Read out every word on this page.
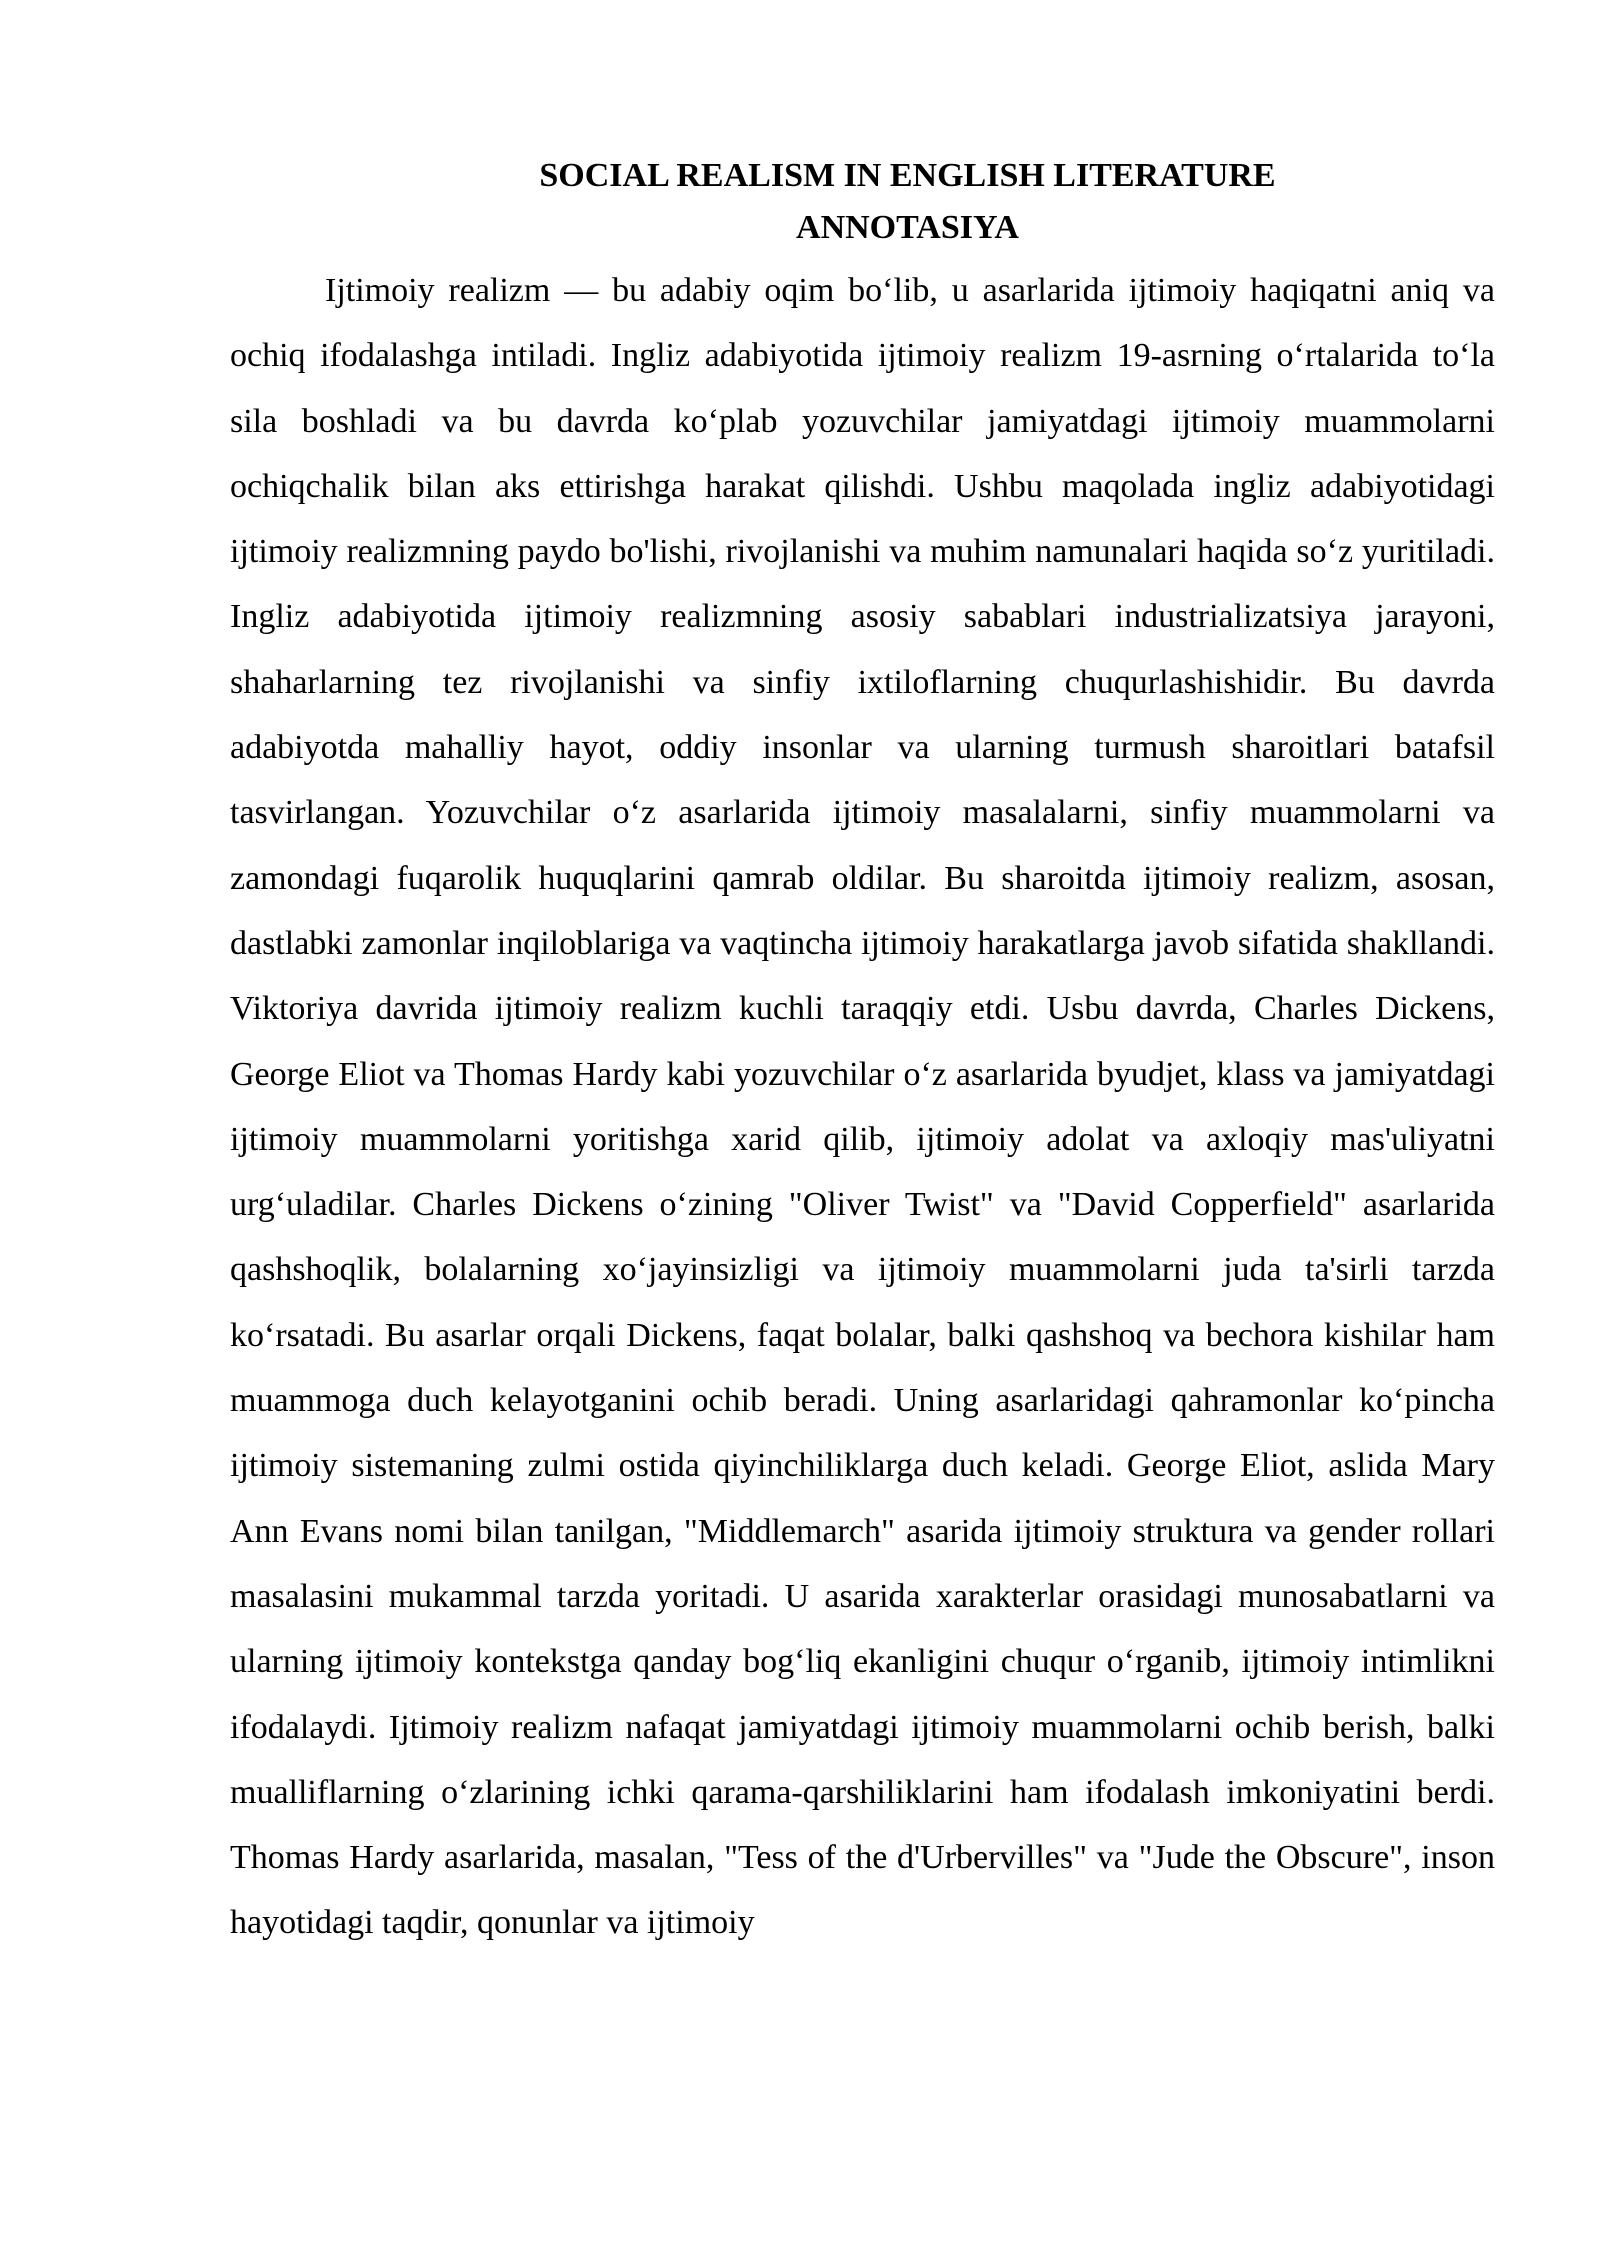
SOCIAL REALISM IN ENGLISH LITERATURE
ANNOTASIYA

Ijtimoiy realizm — bu adabiy oqim bo‘lib, u asarlarida ijtimoiy haqiqatni aniq va ochiq ifodalashga intiladi. Ingliz adabiyotida ijtimoiy realizm 19-asrning o‘rtalarida to‘la sila boshladi va bu davrda ko‘plab yozuvchilar jamiyatdagi ijtimoiy muammolarni ochiqchalik bilan aks ettirishga harakat qilishdi. Ushbu maqolada ingliz adabiyotidagi ijtimoiy realizmning paydo bo'lishi, rivojlanishi va muhim namunalari haqida so‘z yuritiladi. Ingliz adabiyotida ijtimoiy realizmning asosiy sabablari industrializatsiya jarayoni, shaharlarning tez rivojlanishi va sinfiy ixtiloflarning chuqurlashishidir. Bu davrda adabiyotda mahalliy hayot, oddiy insonlar va ularning turmush sharoitlari batafsil tasvirlangan. Yozuvchilar o‘z asarlarida ijtimoiy masalalarni, sinfiy muammolarni va zamondagi fuqarolik huquqlarini qamrab oldilar. Bu sharoitda ijtimoiy realizm, asosan, dastlabki zamonlar inqiloblariga va vaqtincha ijtimoiy harakatlarga javob sifatida shakllandi. Viktoriya davrida ijtimoiy realizm kuchli taraqqiy etdi. Usbu davrda, Charles Dickens, George Eliot va Thomas Hardy kabi yozuvchilar o‘z asarlarida byudjet, klass va jamiyatdagi ijtimoiy muammolarni yoritishga xarid qilib, ijtimoiy adolat va axloqiy mas'uliyatni urg‘uladilar. Charles Dickens o‘zining "Oliver Twist" va "David Copperfield" asarlarida qashshoqlik, bolalarning xo‘jayinsizligi va ijtimoiy muammolarni juda ta'sirli tarzda ko‘rsatadi. Bu asarlar orqali Dickens, faqat bolalar, balki qashshoq va bechora kishilar ham muammoga duch kelayotganini ochib beradi. Uning asarlaridagi qahramonlar ko‘pincha ijtimoiy sistemaning zulmi ostida qiyinchiliklarga duch keladi. George Eliot, aslida Mary Ann Evans nomi bilan tanilgan, "Middlemarch" asarida ijtimoiy struktura va gender rollari masalasini mukammal tarzda yoritadi. U asarida xarakterlar orasidagi munosabatlarni va ularning ijtimoiy kontekstga qanday bog‘liq ekanligini chuqur o‘rganib, ijtimoiy intimlikni ifodalaydi. Ijtimoiy realizm nafaqat jamiyatdagi ijtimoiy muammolarni ochib berish, balki mualliflarning o‘zlarining ichki qarama-qarshiliklarini ham ifodalash imkoniyatini berdi. Thomas Hardy asarlarida, masalan, "Tess of the d'Urbervilles" va "Jude the Obscure", inson hayotidagi taqdir, qonunlar va ijtimoiy
